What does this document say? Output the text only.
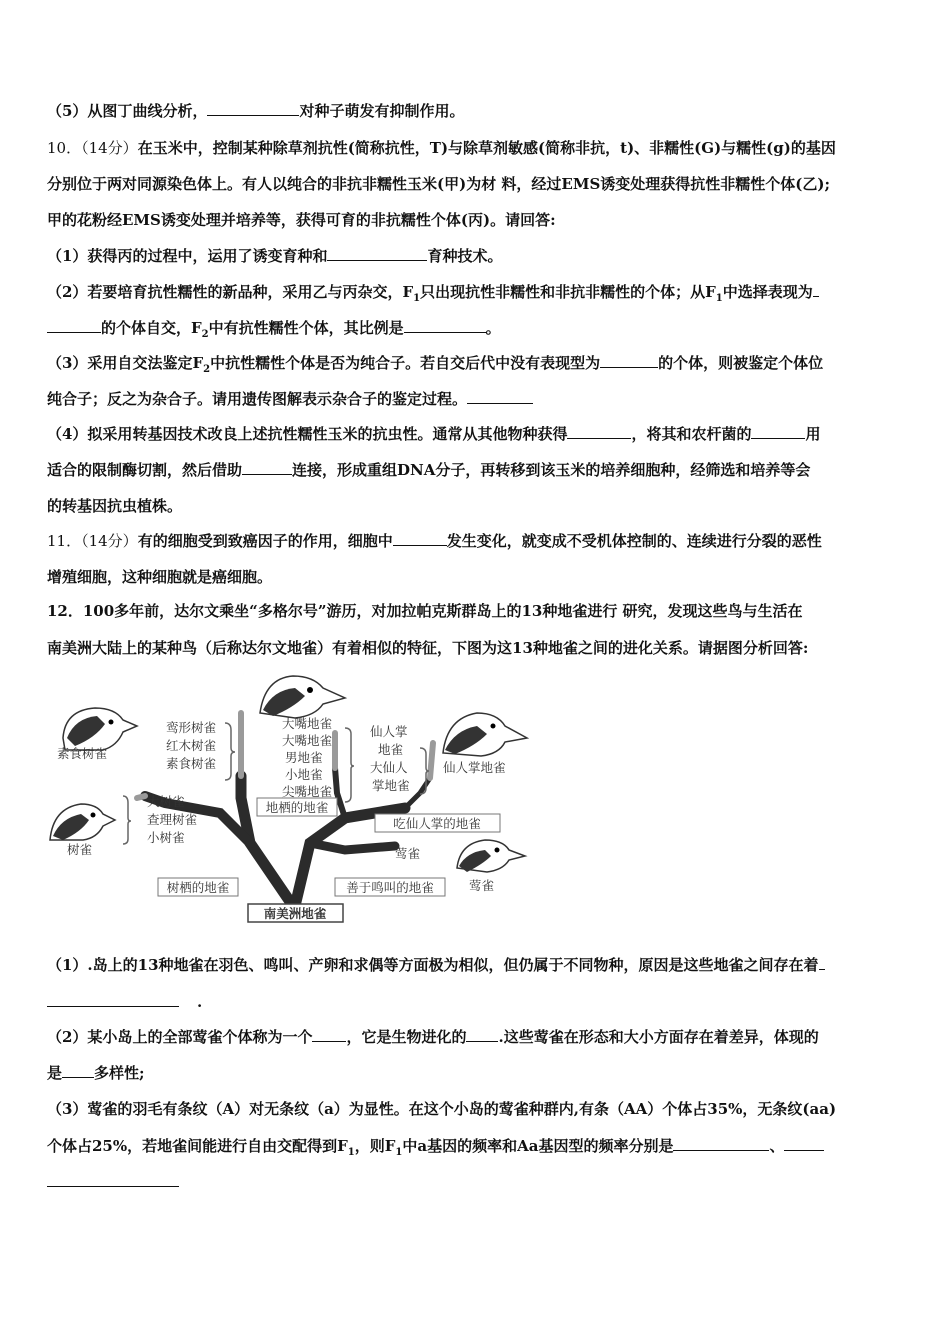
（5）从图丁曲线分析，	对种子萌发有抑制作用。
10．（14分）在玉米中，控制某种除草剂抗性(简称抗性，T)与除草剂敏感(简称非抗，t)、非糯性(G)与糯性(g)的基因
分别位于两对同源染色体上。有人以纯合的非抗非糯性玉米(甲)为材 料，经过EMS诱变处理获得抗性非糯性个体(乙);
甲的花粉经EMS诱变处理并培养等，获得可育的非抗糯性个体(丙)。请回答:
（1）获得丙的过程中，运用了诱变育种和	育种技术。
（2）若要培育抗性糯性的新品种，采用乙与丙杂交，$F_1$只出现抗性非糯性和非抗非糯性的个体；从$F_1$中选择表现为
的个体自交，$F_2$中有抗性糯性个体，其比例是	。
（3）采用自交法鉴定$F_2$中抗性糯性个体是否为纯合子。若自交后代中没有表现型为	的个体，则被鉴定个体位
纯合子；反之为杂合子。请用遗传图解表示杂合子的鉴定过程。
（4）拟采用转基因技术改良上述抗性糯性玉米的抗虫性。通常从其他物种获得	，将其和农杆菌的	用
适合的限制酶切割，然后借助	连接，形成重组DNA分子，再转移到该玉米的培养细胞种，经筛选和培养等会
的转基因抗虫植株。
11．（14分）有的细胞受到致癌因子的作用，细胞中	发生变化，就变成不受机体控制的、连续进行分裂的恶性
增殖细胞，这种细胞就是癌细胞。
12．100多年前，达尔文乘坐“多格尔号”游历，对加拉帕克斯群岛上的13种地雀进行 研究，发现这些鸟与生活在
南美洲大陆上的某种鸟（后称达尔文地雀）有着相似的特征，下图为这13种地雀之间的进化关系。请据图分析回答:
树栖的地雀	善于鸣叫的地雀
地栖的地雀
吃仙人掌的地雀
南美洲地雀
鸾形树雀
红木树雀
素食树雀
大树雀
查理树雀
小树雀
大嘴地雀
大嘴地雀
男地雀
小地雀
尖嘴地雀
仙人掌
地雀
大仙人
掌地雀
莺雀
素食树雀
树雀
仙人掌地雀
莺雀
（1）.岛上的13种地雀在羽色、鸣叫、产卵和求偶等方面极为相似，但仍属于不同物种，原因是这些地雀之间存在着
.
（2）某小岛上的全部莺雀个体称为一个 ，它是生物进化的 .这些莺雀在形态和大小方面存在着差异，体现的
是 多样性;
（3）莺雀的羽毛有条纹（A）对无条纹（a）为显性。在这个小岛的莺雀种群内,有条（AA）个体占35%，无条纹(aa)
个体占25%，若地雀间能进行自由交配得到$F_1$，则$F_1$中a基因的频率和Aa基因型的频率分别是	、
